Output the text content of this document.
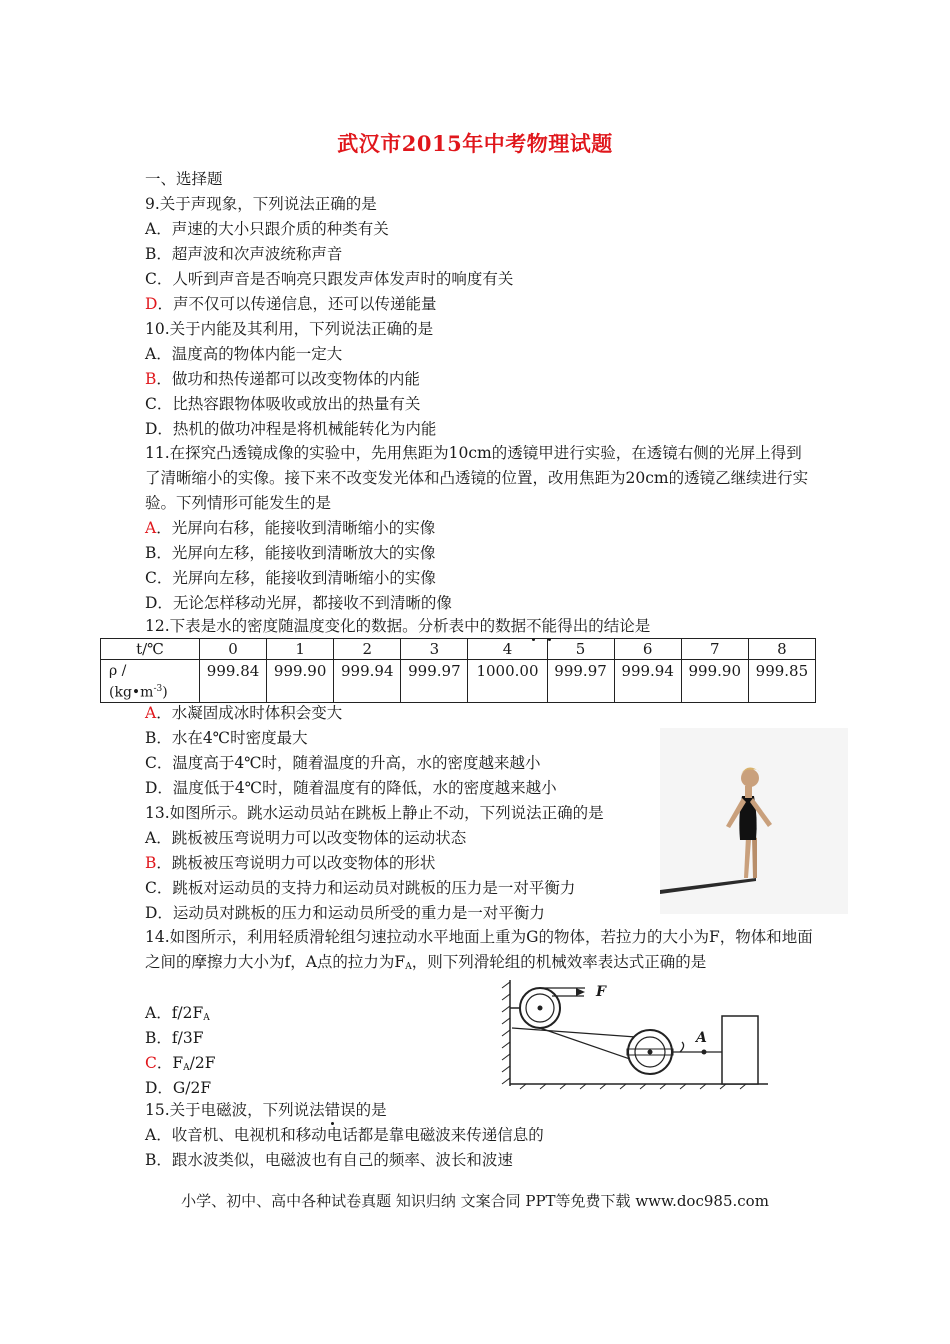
武汉市2015年中考物理试题
一、选择题
9.关于声现象，下列说法正确的是
A．声速的大小只跟介质的种类有关
B．超声波和次声波统称声音
C．人听到声音是否响亮只跟发声体发声时的响度有关
D．声不仅可以传递信息，还可以传递能量
10.关于内能及其利用，下列说法正确的是
A．温度高的物体内能一定大
B．做功和热传递都可以改变物体的内能
C．比热容跟物体吸收或放出的热量有关
D．热机的做功冲程是将机械能转化为内能
11.在探究凸透镜成像的实验中，先用焦距为10cm的透镜甲进行实验，在透镜右侧的光屏上得到了清晰缩小的实像。接下来不改变发光体和凸透镜的位置，改用焦距为20cm的透镜乙继续进行实验。下列情形可能发生的是
A．光屏向右移，能接收到清晰缩小的实像
B．光屏向左移，能接收到清晰放大的实像
C．光屏向左移，能接收到清晰缩小的实像
D．无论怎样移动光屏，都接收不到清晰的像
12.下表是水的密度随温度变化的数据。分析表中的数据不能得出的结论是
t/℃	0	1	2	3	4	5	6	7	8
ρ /
$(kg•m^{-3})$	999.84	999.90	999.94	999.97	1000.00	999.97	999.94	999.90	999.85
A．水凝固成冰时体积会变大
B．水在4℃时密度最大
C．温度高于4℃时，随着温度的升高，水的密度越来越小
D．温度低于4℃时，随着温度有的降低，水的密度越来越小
13.如图所示。跳水运动员站在跳板上静止不动，下列说法正确的是
A．跳板被压弯说明力可以改变物体的运动状态
B．跳板被压弯说明力可以改变物体的形状
C．跳板对运动员的支持力和运动员对跳板的压力是一对平衡力
D．运动员对跳板的压力和运动员所受的重力是一对平衡力
14.如图所示，利用轻质滑轮组匀速拉动水平地面上重为G的物体，若拉力的大小为F，物体和地面之间的摩擦力大小为f，A点的拉力为$F_A$，则下列滑轮组的机械效率表达式正确的是
A．$f/2F_A$
B．f/3F
C．$F_A/2F$
D．G/2F
F
A
15.关于电磁波，下列说法错误的是
A．收音机、电视机和移动电话都是靠电磁波来传递信息的
B．跟水波类似，电磁波也有自己的频率、波长和波速
小学、初中、高中各种试卷真题 知识归纳 文案合同 PPT等免费下载 www.doc985.com
